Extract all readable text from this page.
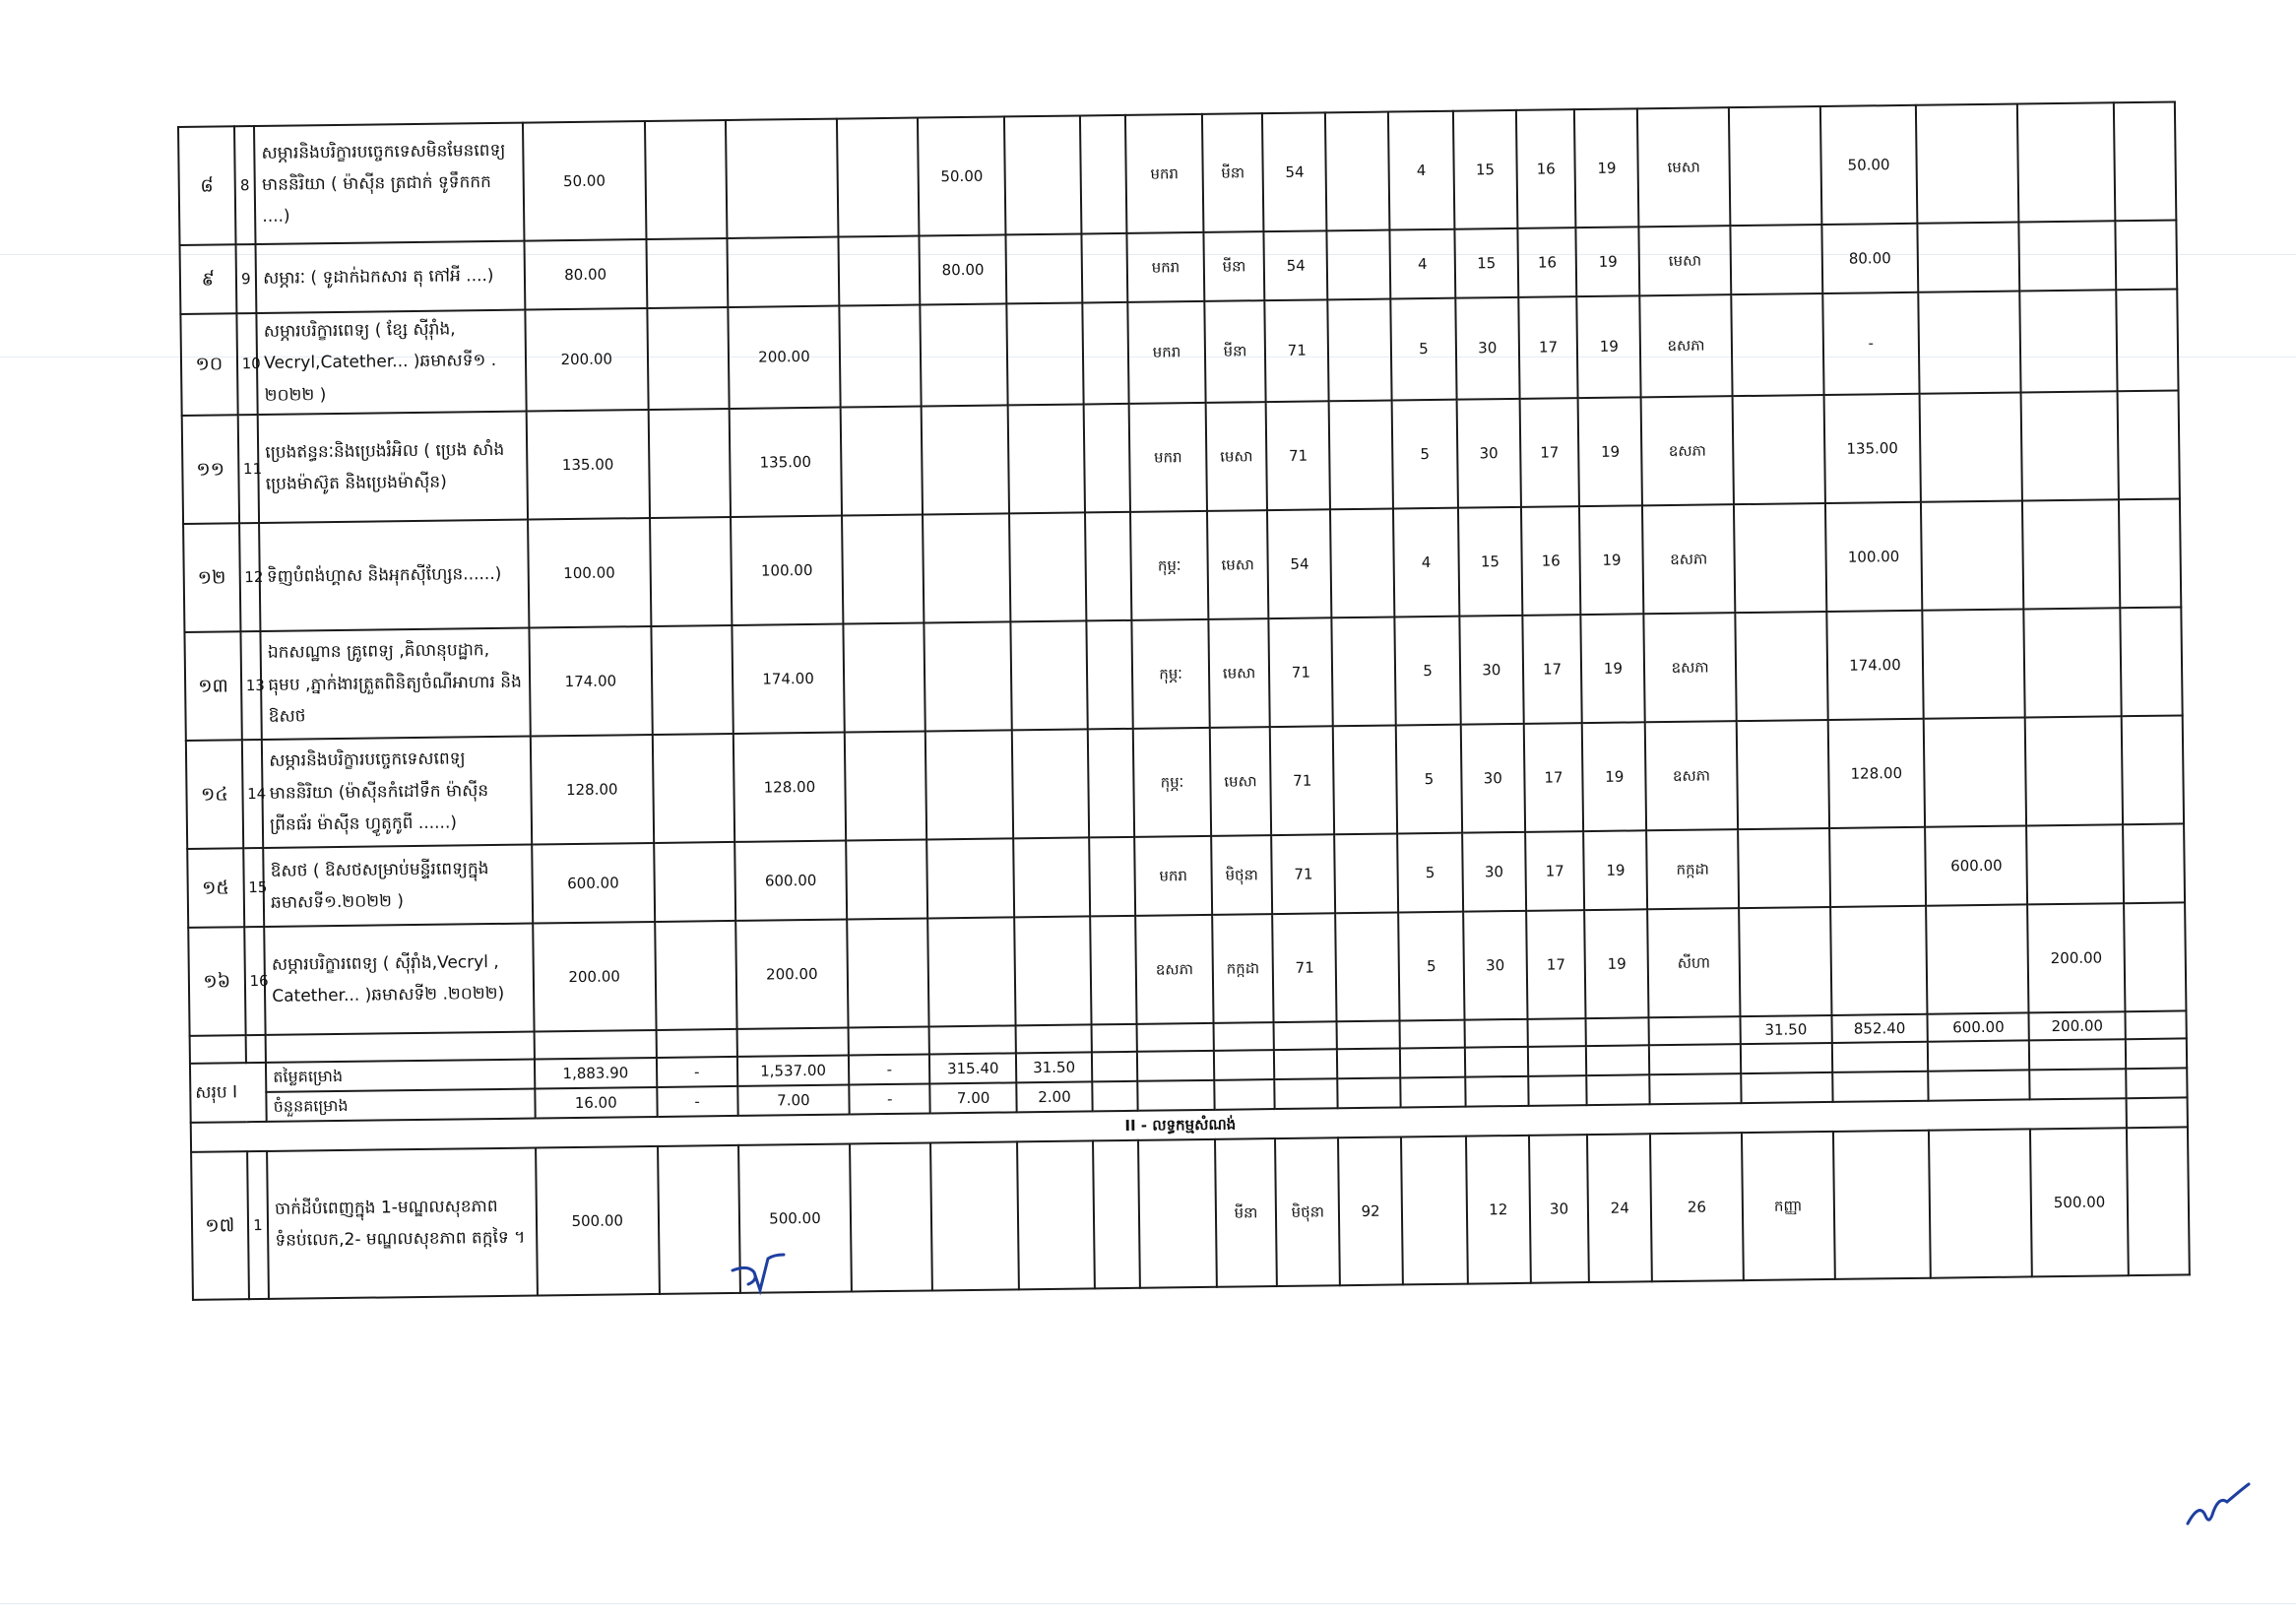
៨	8	សម្ភារនិងបរិក្ខារបច្ចេកទេសមិនមែនពេទ្យ មាននិរិយា ( ម៉ាស៊ីន ត្រជាក់ ទូទឹកកក ....)	50.00				50.00			មករា	មីនា	54		4	15	16	19	មេសា		50.00			
៩	9	សម្ភារៈ ( ទូដាក់ឯកសារ តុ កៅអី ....)	80.00				80.00			មករា	មីនា	54		4	15	16	19	មេសា		80.00			
១០	10	សម្ភារបរិក្ខារពេទ្យ ( ខ្សែ ស៊ីរ៉ាំង, Vecryl,Catether... )ឆមាសទី១ . ២០២២ )	200.00		200.00					មករា	មីនា	71		5	30	17	19	ឧសភា		-			
១១	11	ប្រេងឥន្ធនៈនិងប្រេងរំអិល ( ប្រេង សាំង ប្រេងម៉ាស៊ូត និងប្រេងម៉ាស៊ីន)	135.00		135.00					មករា	មេសា	71		5	30	17	19	ឧសភា		135.00			
១២	12	ទិញបំពង់ហ្គាស និងអុកស៊ីហ្សែន......)	100.00		100.00					កុម្ភៈ	មេសា	54		4	15	16	19	ឧសភា		100.00			
១៣	13	ឯកសណ្ឋាន គ្រូពេទ្យ ,គិលានុបដ្ឋាក, ធុមប ,ភ្នាក់ងារត្រួតពិនិត្យចំណីអាហារ និង ឱសថ	174.00		174.00					កុម្ភៈ	មេសា	71		5	30	17	19	ឧសភា		174.00			
១៤	14	សម្ភារនិងបរិក្ខារបច្ចេកទេសពេទ្យមាននិរិយា (ម៉ាស៊ីនកំដៅទឹក ម៉ាស៊ីនព្រីនធ័រ ម៉ាស៊ីន ហ្វូតូកូពី ......)	128.00		128.00					កុម្ភៈ	មេសា	71		5	30	17	19	ឧសភា		128.00			
១៥	15	ឱសថ ( ឱសថសម្រាប់មន្ទីរពេទ្យក្នុង ឆមាសទី១.២០២២ )	600.00		600.00					មករា	មិថុនា	71		5	30	17	19	កក្កដា			600.00		
១៦	16	សម្ភារបរិក្ខារពេទ្យ ( ស៊ីរ៉ាំង,Vecryl , Catether... )ឆមាសទី២ .២០២២)	200.00		200.00					ឧសភា	កក្កដា	71		5	30	17	19	សីហា				200.00	
																			31.50	852.40	600.00	200.00	
សរុប I		តម្លៃគម្រោង	1,883.90	-	1,537.00	-	315.40	31.50															
		ចំនួនគម្រោង	16.00	-	7.00	-	7.00	2.00															
II - លទ្ធកម្មសំណង់																							
១៧	1	ចាក់ដីបំពេញក្នុង 1-មណ្ឌលសុខភាព ទំនប់លេក,2- មណ្ឌលសុខភាព តក្កទៃ ។	500.00		500.00						មីនា	មិថុនា	92		12	30	24	26	កញ្ញា			500.00	
